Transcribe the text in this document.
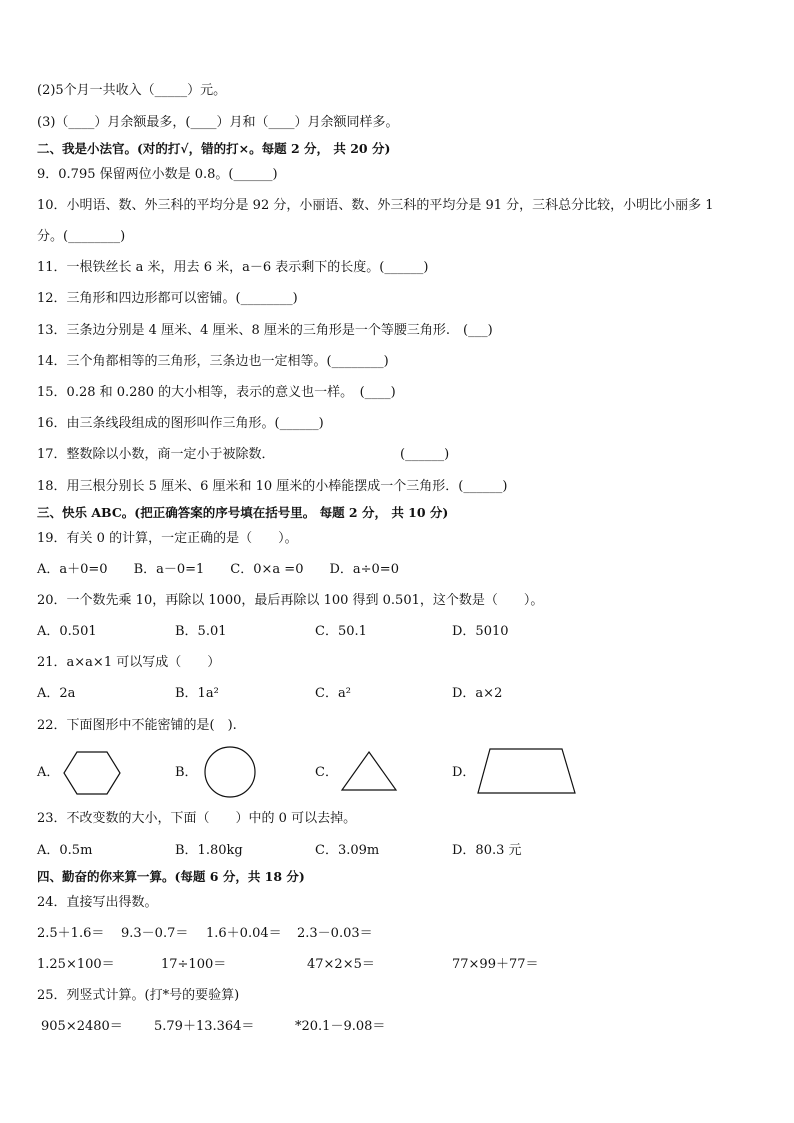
(2)5个月一共收入（_____）元。
(3)（____）月余额最多，(____）月和（____）月余额同样多。
二、我是小法官。(对的打√，错的打×。每题 2 分， 共 20 分)
9．0.795 保留两位小数是 0.8。(______)
10．小明语、数、外三科的平均分是 92 分，小丽语、数、外三科的平均分是 91 分，三科总分比较，小明比小丽多 1
分。(________)
11．一根铁丝长 a 米，用去 6 米，a－6 表示剩下的长度。(______)
12．三角形和四边形都可以密铺。(________)
13．三条边分别是 4 厘米、4 厘米、8 厘米的三角形是一个等腰三角形.　(___)
14．三个角都相等的三角形，三条边也一定相等。(________)
15．0.28 和 0.280 的大小相等，表示的意义也一样。　(____)
16．由三条线段组成的图形叫作三角形。(______)
17．整数除以小数，商一定小于被除数．	(______)
18．用三根分别长 5 厘米、6 厘米和 10 厘米的小棒能摆成一个三角形．(______)
三、快乐 ABC。(把正确答案的序号填在括号里。 每题 2 分， 共 10 分)
19．有关 0 的计算，一定正确的是（　　）。
A．a＋0=0　　B．a－0=1　　C．0×a =0　　D．a÷0=0
20．一个数先乘 10，再除以 1000，最后再除以 100 得到 0.501，这个数是（　　）。
A．0.501	B．5.01	C．50.1	D．5010
21．a×a×1 可以写成（　　）
A．2a	B．1a²	C．a²	D．a×2
22．下面图形中不能密铺的是(　).
A．	B．	C．	D．
23．不改变数的大小，下面（　　）中的 0 可以去掉。
A．0.5m	B．1.80kg	C．3.09m	D．80.3 元
四、勤奋的你来算一算。(每题 6 分，共 18 分)
24．直接写出得数。
2.5＋1.6＝ 9.3－0.7＝ 1.6＋0.04＝ 2.3－0.03＝
1.25×100＝	17÷100＝	47×2×5＝	77×99＋77＝
25．列竖式计算。(打*号的要验算)
905×2480＝ 5.79＋13.364＝	*20.1－9.08＝
